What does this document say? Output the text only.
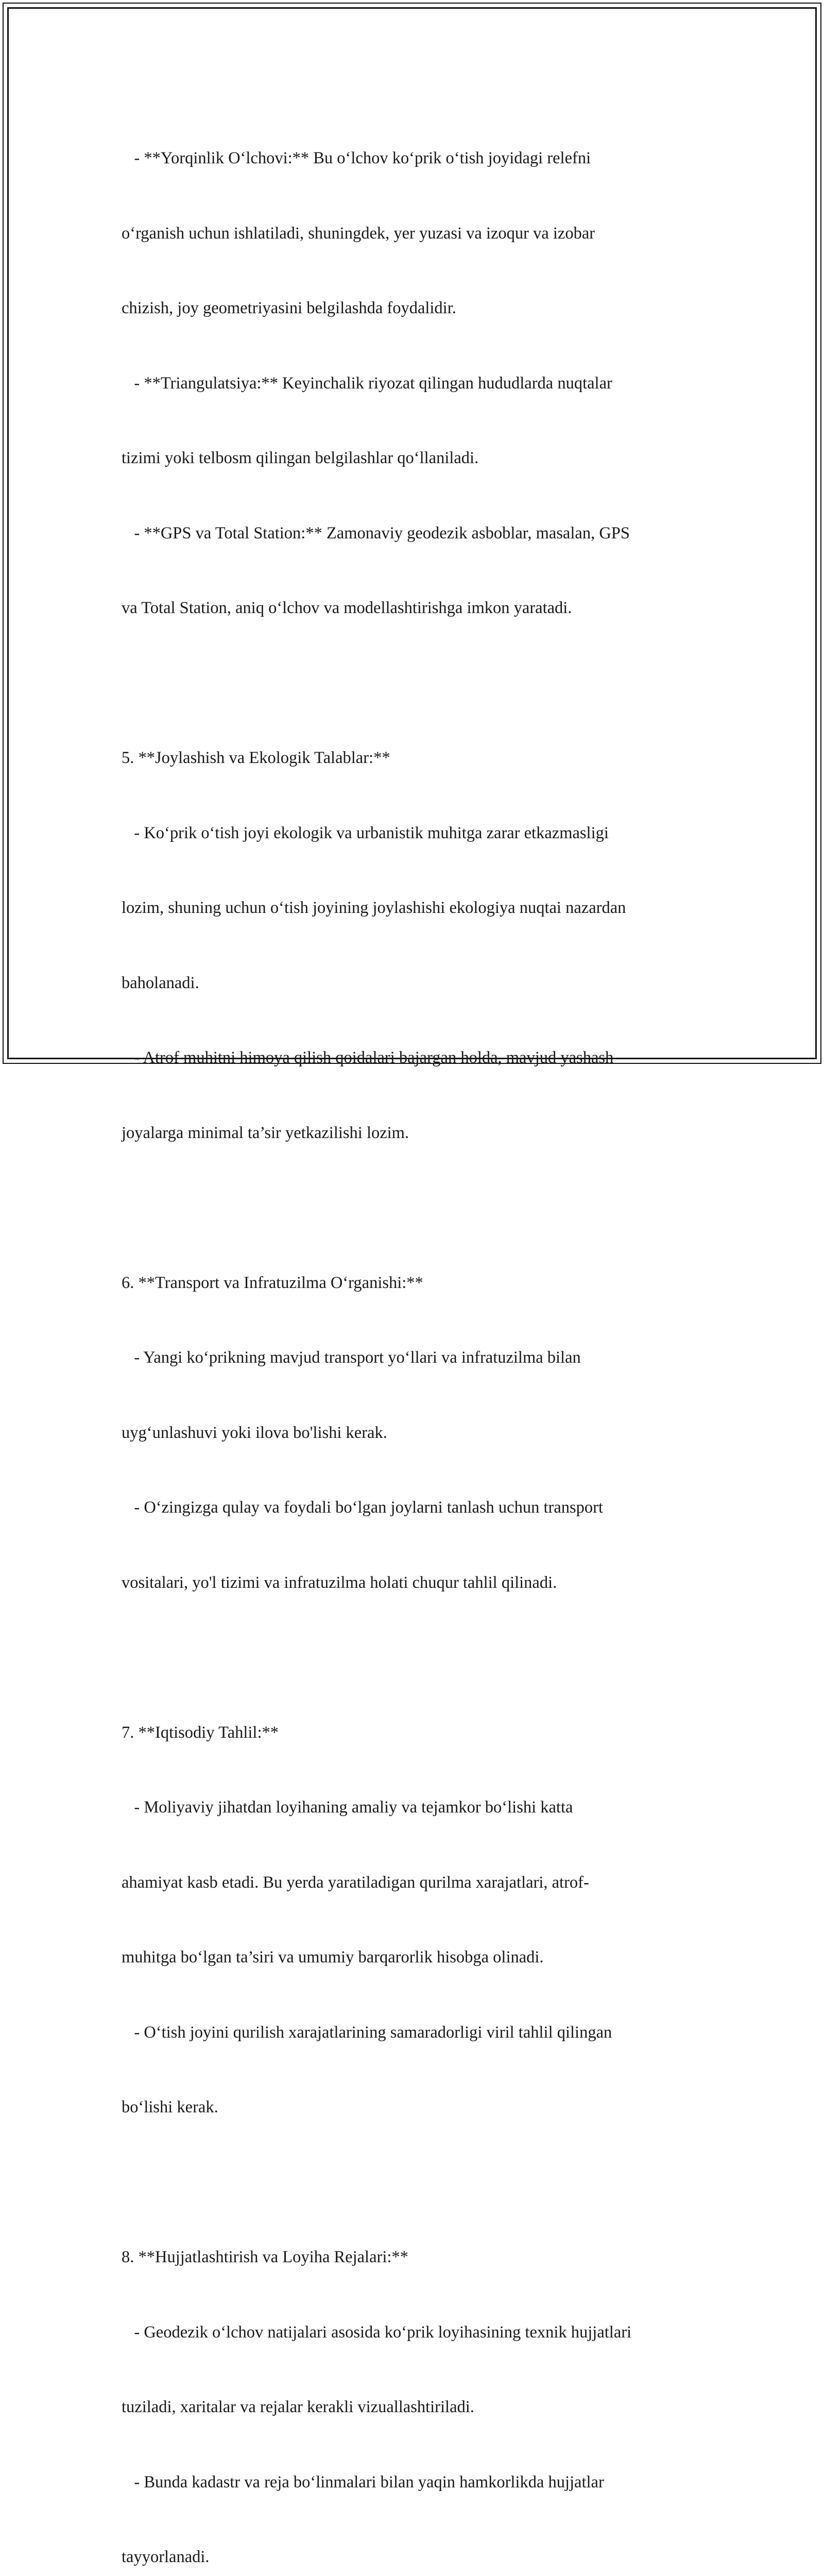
- **Yorqinlik O‘lchovi:** Bu o‘lchov ko‘prik o‘tish joyidagi relefni

o‘rganish uchun ishlatiladi, shuningdek, yer yuzasi va izoqur va izobar

chizish, joy geometriyasini belgilashda foydalidir.

- **Triangulatsiya:** Keyinchalik riyozat qilingan hududlarda nuqtalar

tizimi yoki telbosm qilingan belgilashlar qo‘llaniladi.

- **GPS va Total Station:** Zamonaviy geodezik asboblar, masalan, GPS

va Total Station, aniq o‘lchov va modellashtirishga imkon yaratadi.

5. **Joylashish va Ekologik Talablar:**

- Ko‘prik o‘tish joyi ekologik va urbanistik muhitga zarar etkazmasligi

lozim, shuning uchun o‘tish joyining joylashishi ekologiya nuqtai nazardan

baholanadi.

- Atrof muhitni himoya qilish qoidalari bajargan holda, mavjud yashash

joyalarga minimal ta’sir yetkazilishi lozim.

6. **Transport va Infratuzilma O‘rganishi:**

- Yangi ko‘prikning mavjud transport yo‘llari va infratuzilma bilan

uyg‘unlashuvi yoki ilova bo'lishi kerak.

- O‘zingizga qulay va foydali bo‘lgan joylarni tanlash uchun transport

vositalari, yo'l tizimi va infratuzilma holati chuqur tahlil qilinadi.

7. **Iqtisodiy Tahlil:**

- Moliyaviy jihatdan loyihaning amaliy va tejamkor bo‘lishi katta

ahamiyat kasb etadi. Bu yerda yaratiladigan qurilma xarajatlari, atrof-

muhitga bo‘lgan ta’siri va umumiy barqarorlik hisobga olinadi.

- O‘tish joyini qurilish xarajatlarining samaradorligi viril tahlil qilingan

bo‘lishi kerak.

8. **Hujjatlashtirish va Loyiha Rejalari:**

- Geodezik o‘lchov natijalari asosida ko‘prik loyihasining texnik hujjatlari

tuziladi, xaritalar va rejalar kerakli vizuallashtiriladi.

- Bunda kadastr va reja bo‘linmalari bilan yaqin hamkorlikda hujjatlar

tayyorlanadi.
